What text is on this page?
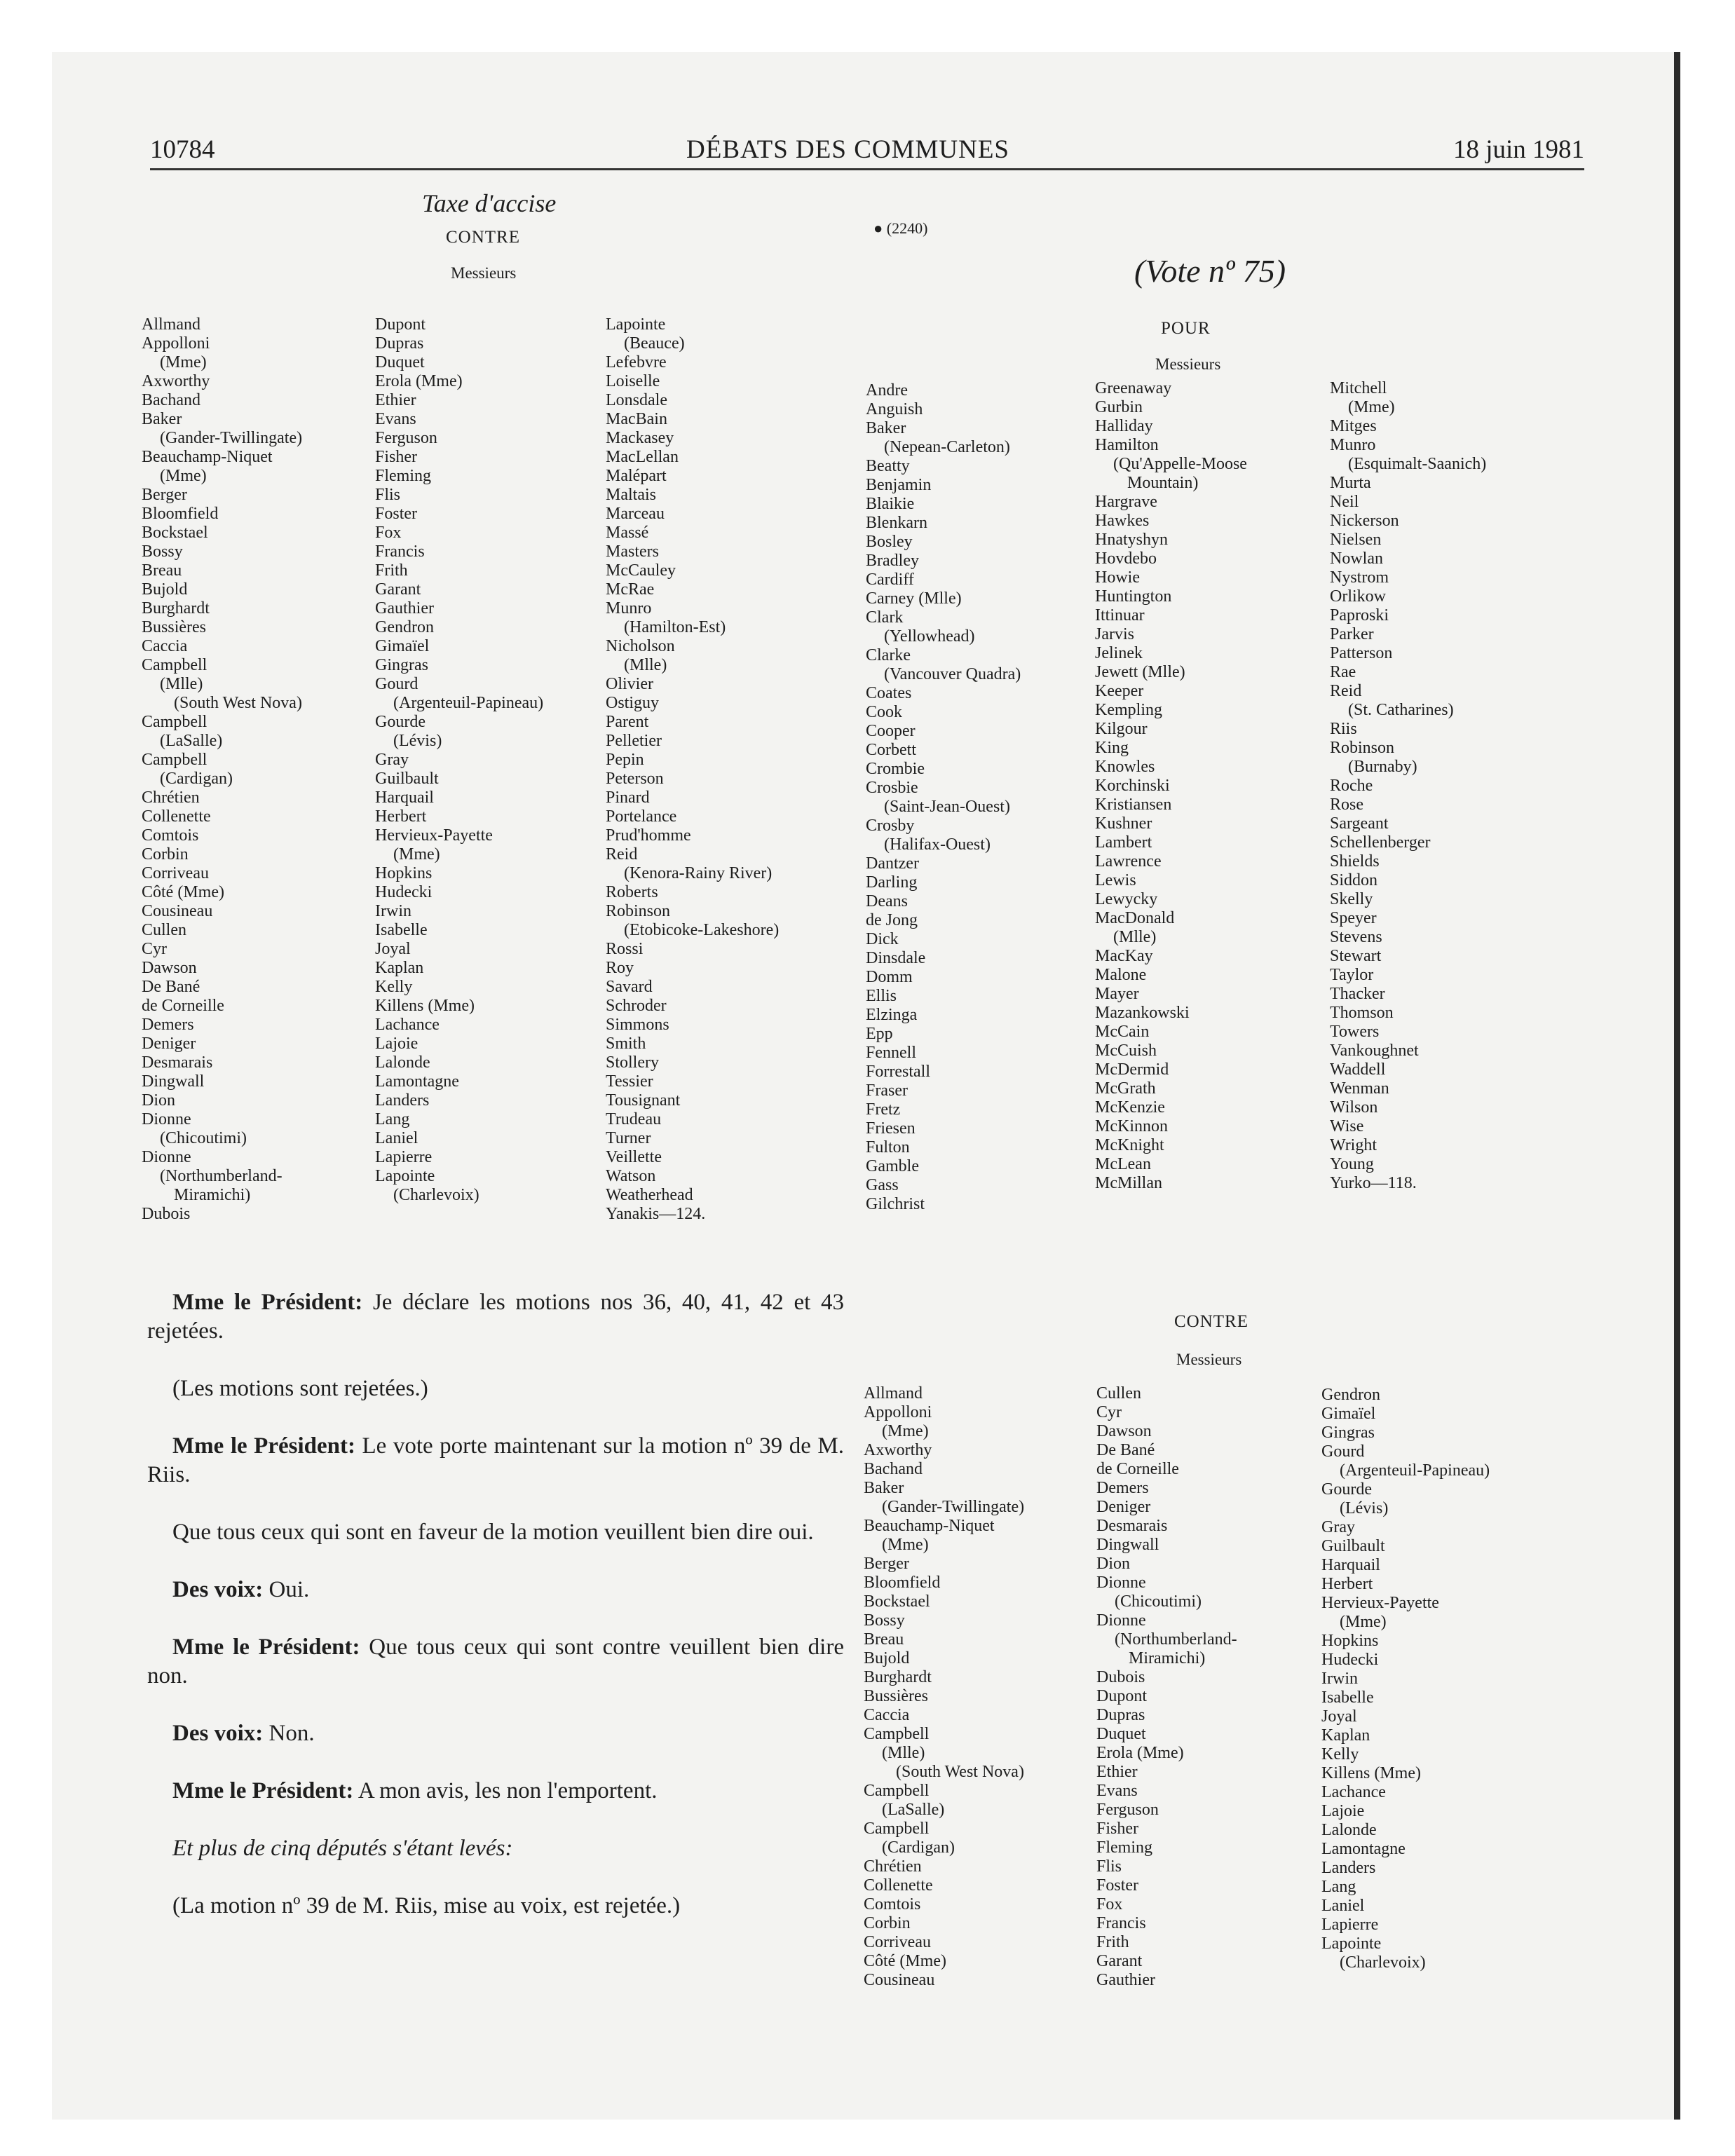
10784	DÉBATS DES COMMUNES	18 juin 1981
Taxe d'accise
CONTRE
Messieurs
Allmand
Appolloni
(Mme)
Axworthy
Bachand
Baker
(Gander-Twillingate)
Beauchamp-Niquet
(Mme)
Berger
Bloomfield
Bockstael
Bossy
Breau
Bujold
Burghardt
Bussières
Caccia
Campbell
(Mlle)
(South West Nova)
Campbell
(LaSalle)
Campbell
(Cardigan)
Chrétien
Collenette
Comtois
Corbin
Corriveau
Côté (Mme)
Cousineau
Cullen
Cyr
Dawson
De Bané
de Corneille
Demers
Deniger
Desmarais
Dingwall
Dion
Dionne
(Chicoutimi)
Dionne
(Northumberland-
Miramichi)
Dubois
Dupont
Dupras
Duquet
Erola (Mme)
Ethier
Evans
Ferguson
Fisher
Fleming
Flis
Foster
Fox
Francis
Frith
Garant
Gauthier
Gendron
Gimaïel
Gingras
Gourd
(Argenteuil-Papineau)
Gourde
(Lévis)
Gray
Guilbault
Harquail
Herbert
Hervieux-Payette
(Mme)
Hopkins
Hudecki
Irwin
Isabelle
Joyal
Kaplan
Kelly
Killens (Mme)
Lachance
Lajoie
Lalonde
Lamontagne
Landers
Lang
Laniel
Lapierre
Lapointe
(Charlevoix)
Lapointe
(Beauce)
Lefebvre
Loiselle
Lonsdale
MacBain
Mackasey
MacLellan
Malépart
Maltais
Marceau
Massé
Masters
McCauley
McRae
Munro
(Hamilton-Est)
Nicholson
(Mlle)
Olivier
Ostiguy
Parent
Pelletier
Pepin
Peterson
Pinard
Portelance
Prud'homme
Reid
(Kenora-Rainy River)
Roberts
Robinson
(Etobicoke-Lakeshore)
Rossi
Roy
Savard
Schroder
Simmons
Smith
Stollery
Tessier
Tousignant
Trudeau
Turner
Veillette
Watson
Weatherhead
Yanakis—124.
● (2240)
(Vote nº 75)
POUR
Messieurs
Andre
Anguish
Baker
(Nepean-Carleton)
Beatty
Benjamin
Blaikie
Blenkarn
Bosley
Bradley
Cardiff
Carney (Mlle)
Clark
(Yellowhead)
Clarke
(Vancouver Quadra)
Coates
Cook
Cooper
Corbett
Crombie
Crosbie
(Saint-Jean-Ouest)
Crosby
(Halifax-Ouest)
Dantzer
Darling
Deans
de Jong
Dick
Dinsdale
Domm
Ellis
Elzinga
Epp
Fennell
Forrestall
Fraser
Fretz
Friesen
Fulton
Gamble
Gass
Gilchrist
Greenaway
Gurbin
Halliday
Hamilton
(Qu'Appelle-Moose
Mountain)
Hargrave
Hawkes
Hnatyshyn
Hovdebo
Howie
Huntington
Ittinuar
Jarvis
Jelinek
Jewett (Mlle)
Keeper
Kempling
Kilgour
King
Knowles
Korchinski
Kristiansen
Kushner
Lambert
Lawrence
Lewis
Lewycky
MacDonald
(Mlle)
MacKay
Malone
Mayer
Mazankowski
McCain
McCuish
McDermid
McGrath
McKenzie
McKinnon
McKnight
McLean
McMillan
Mitchell
(Mme)
Mitges
Munro
(Esquimalt-Saanich)
Murta
Neil
Nickerson
Nielsen
Nowlan
Nystrom
Orlikow
Paproski
Parker
Patterson
Rae
Reid
(St. Catharines)
Riis
Robinson
(Burnaby)
Roche
Rose
Sargeant
Schellenberger
Shields
Siddon
Skelly
Speyer
Stevens
Stewart
Taylor
Thacker
Thomson
Towers
Vankoughnet
Waddell
Wenman
Wilson
Wise
Wright
Young
Yurko—118.

Mme le Président: Je déclare les motions nos 36, 40, 41, 42 et 43 rejetées.

(Les motions sont rejetées.)

Mme le Président: Le vote porte maintenant sur la motion nº 39 de M. Riis.

Que tous ceux qui sont en faveur de la motion veuillent bien dire oui.

Des voix: Oui.

Mme le Président: Que tous ceux qui sont contre veuillent bien dire non.

Des voix: Non.

Mme le Président: A mon avis, les non l'emportent.

Et plus de cinq députés s'étant levés:

(La motion nº 39 de M. Riis, mise au voix, est rejetée.)

CONTRE
Messieurs
Allmand
Appolloni
(Mme)
Axworthy
Bachand
Baker
(Gander-Twillingate)
Beauchamp-Niquet
(Mme)
Berger
Bloomfield
Bockstael
Bossy
Breau
Bujold
Burghardt
Bussières
Caccia
Campbell
(Mlle)
(South West Nova)
Campbell
(LaSalle)
Campbell
(Cardigan)
Chrétien
Collenette
Comtois
Corbin
Corriveau
Côté (Mme)
Cousineau
Cullen
Cyr
Dawson
De Bané
de Corneille
Demers
Deniger
Desmarais
Dingwall
Dion
Dionne
(Chicoutimi)
Dionne
(Northumberland-
Miramichi)
Dubois
Dupont
Dupras
Duquet
Erola (Mme)
Ethier
Evans
Ferguson
Fisher
Fleming
Flis
Foster
Fox
Francis
Frith
Garant
Gauthier
Gendron
Gimaïel
Gingras
Gourd
(Argenteuil-Papineau)
Gourde
(Lévis)
Gray
Guilbault
Harquail
Herbert
Hervieux-Payette
(Mme)
Hopkins
Hudecki
Irwin
Isabelle
Joyal
Kaplan
Kelly
Killens (Mme)
Lachance
Lajoie
Lalonde
Lamontagne
Landers
Lang
Laniel
Lapierre
Lapointe
(Charlevoix)
